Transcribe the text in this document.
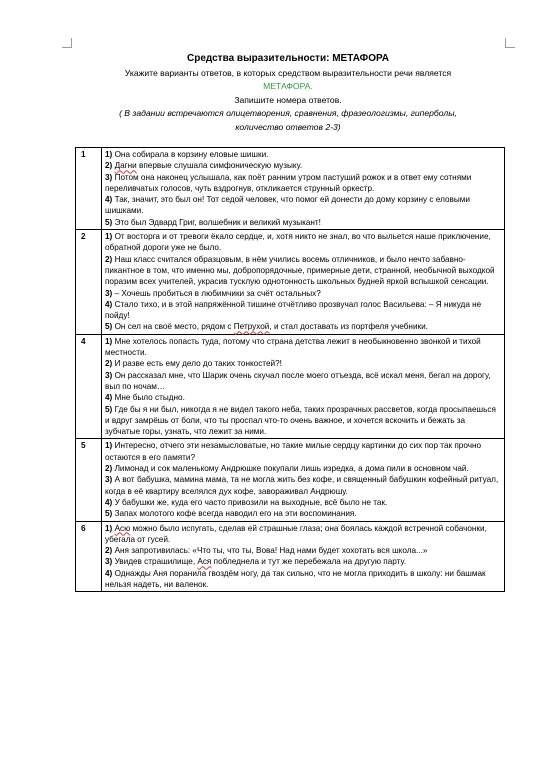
Средства выразительности: МЕТАФОРА
Укажите варианты ответов, в которых средством выразительности речи является
МЕТАФОРА.
Запишите номера ответов.
( В задании встречаются олицетворения, сравнения, фразеологизмы, гиперболы,
количество ответов 2-3)
1	1) Она собирала в корзину еловые шишки.
2) Дагни впервые слушала симфоническую музыку.
3) Потом она наконец услышала, как поёт ранним утром пастуший рожок и в ответ ему сотнями переливчатых голосов, чуть вздрогнув, откликается струнный оркестр.
4) Так, значит, это был он! Тот седой человек, что помог ей донести до дому корзину с еловыми шишками.
5) Это был Эдвард Григ, волшебник и великий музыкант!

2	1) От восторга и от тревоги ёкало сердце, и, хотя никто не знал, во что выльется наше приключение, обратной дороги уже не было.
2) Наш класс считался образцовым, в нём учились восемь отличников, и было нечто забавно-пикантное в том, что именно мы, добропорядочные, примерные дети, странной, необычной выходкой поразим всех учителей, украсив тусклую однотонность школьных будней яркой вспышкой сенсации.
3) – Хочешь пробиться в любимчики за счёт остальных?
4) Стало тихо, и в этой напряжённой тишине отчётливо прозвучал голос Васильева: – Я никуда не пойду!
5) Он сел на своё место, рядом с Петрухой, и стал доставать из портфеля учебники.

4	1) Мне хотелось попасть туда, потому что страна детства лежит в необыкновенно звонкой и тихой местности.
2) И разве есть ему дело до таких тонкостей?!
3) Он рассказал мне, что Шарик очень скучал после моего отъезда, всё искал меня, бегал на дорогу, выл по ночам…
4) Мне было стыдно.
5) Где бы я ни был, никогда я не видел такого неба, таких прозрачных рассветов, когда просыпаешься и вдруг замрёшь от боли, что ты проспал что-то очень важное, и хочется вскочить и бежать за зубчатые горы, узнать, что лежит за ними.

5	1) Интересно, отчего эти незамысловатые, но такие милые сердцу картинки до сих пор так прочно остаются в его памяти?
2) Лимонад и сок маленькому Андрюшке покупали лишь изредка, а дома пили в основном чай.
3) А вот бабушка, мамина мама, та не могла жить без кофе, и священный бабушкин кофейный ритуал, когда в её квартиру вселялся дух кофе, завораживал Андрюшу.
4) У бабушки же, куда его часто привозили на выходные, всё было не так.
5) Запах молотого кофе всегда наводил его на эти воспоминания.

6	1) Асю можно было испугать, сделав ей страшные глаза; она боялась каждой встречной собачонки, убегала от гусей.
2) Аня запротивилась: «Что ты, что ты, Вова! Над нами будет хохотать вся школа...»
3) Увидев страшилище, Ася побледнела и тут же перебежала на другую парту.
4) Однажды Аня поранила гвоздём ногу, да так сильно, что не могла приходить в школу: ни башмак нельзя надеть, ни валенок.
